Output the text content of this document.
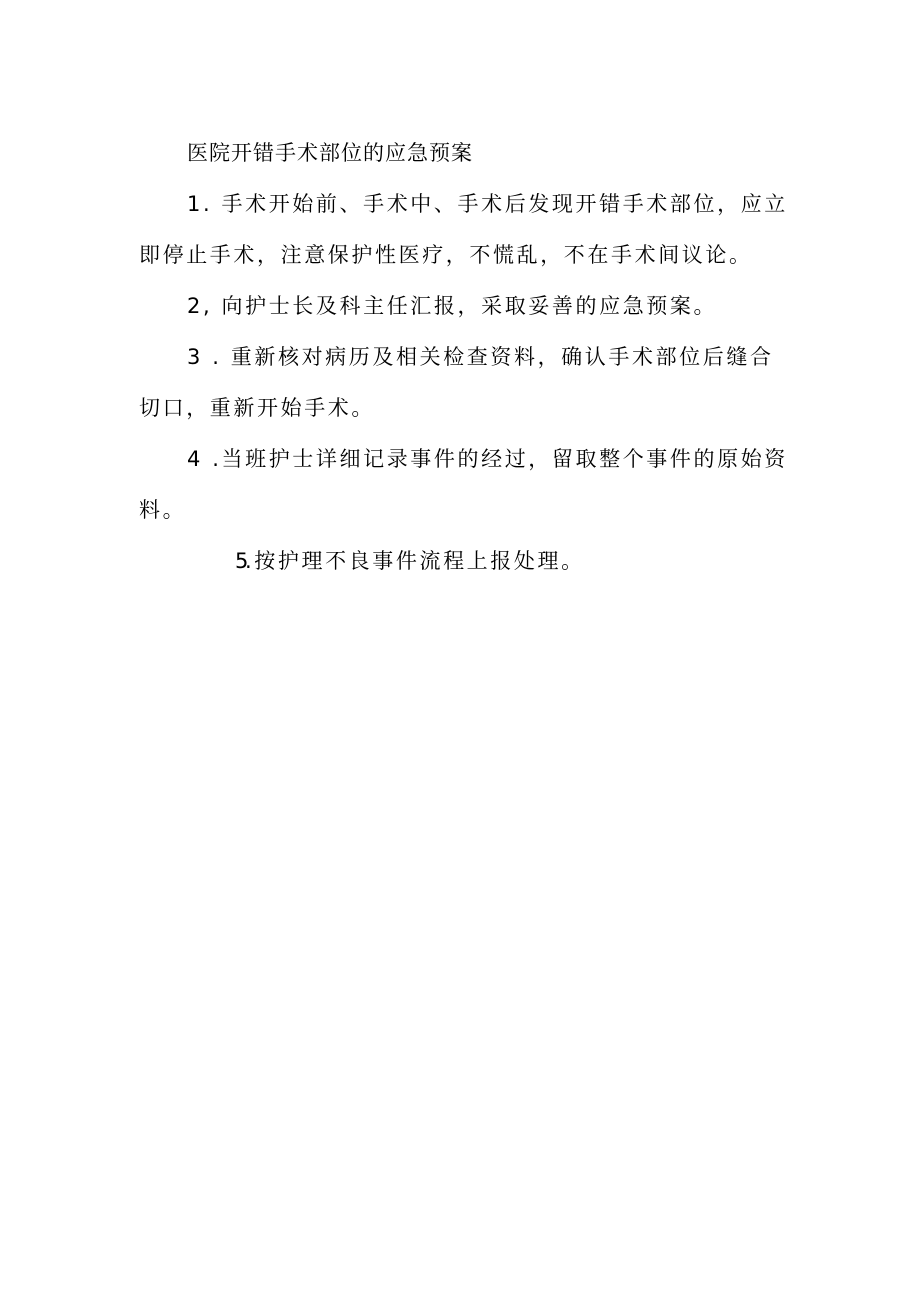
医院开错手术部位的应急预案

1. 手术开始前、手术中、手术后发现开错手术部位，应立即停止手术，注意保护性医疗，不慌乱，不在手术间议论。

2, 向护士长及科主任汇报，采取妥善的应急预案。

3 . 重新核对病历及相关检查资料，确认手术部位后缝合切口，重新开始手术。

4 .当班护士详细记录事件的经过，留取整个事件的原始资料。

5.按护理不良事件流程上报处理。
